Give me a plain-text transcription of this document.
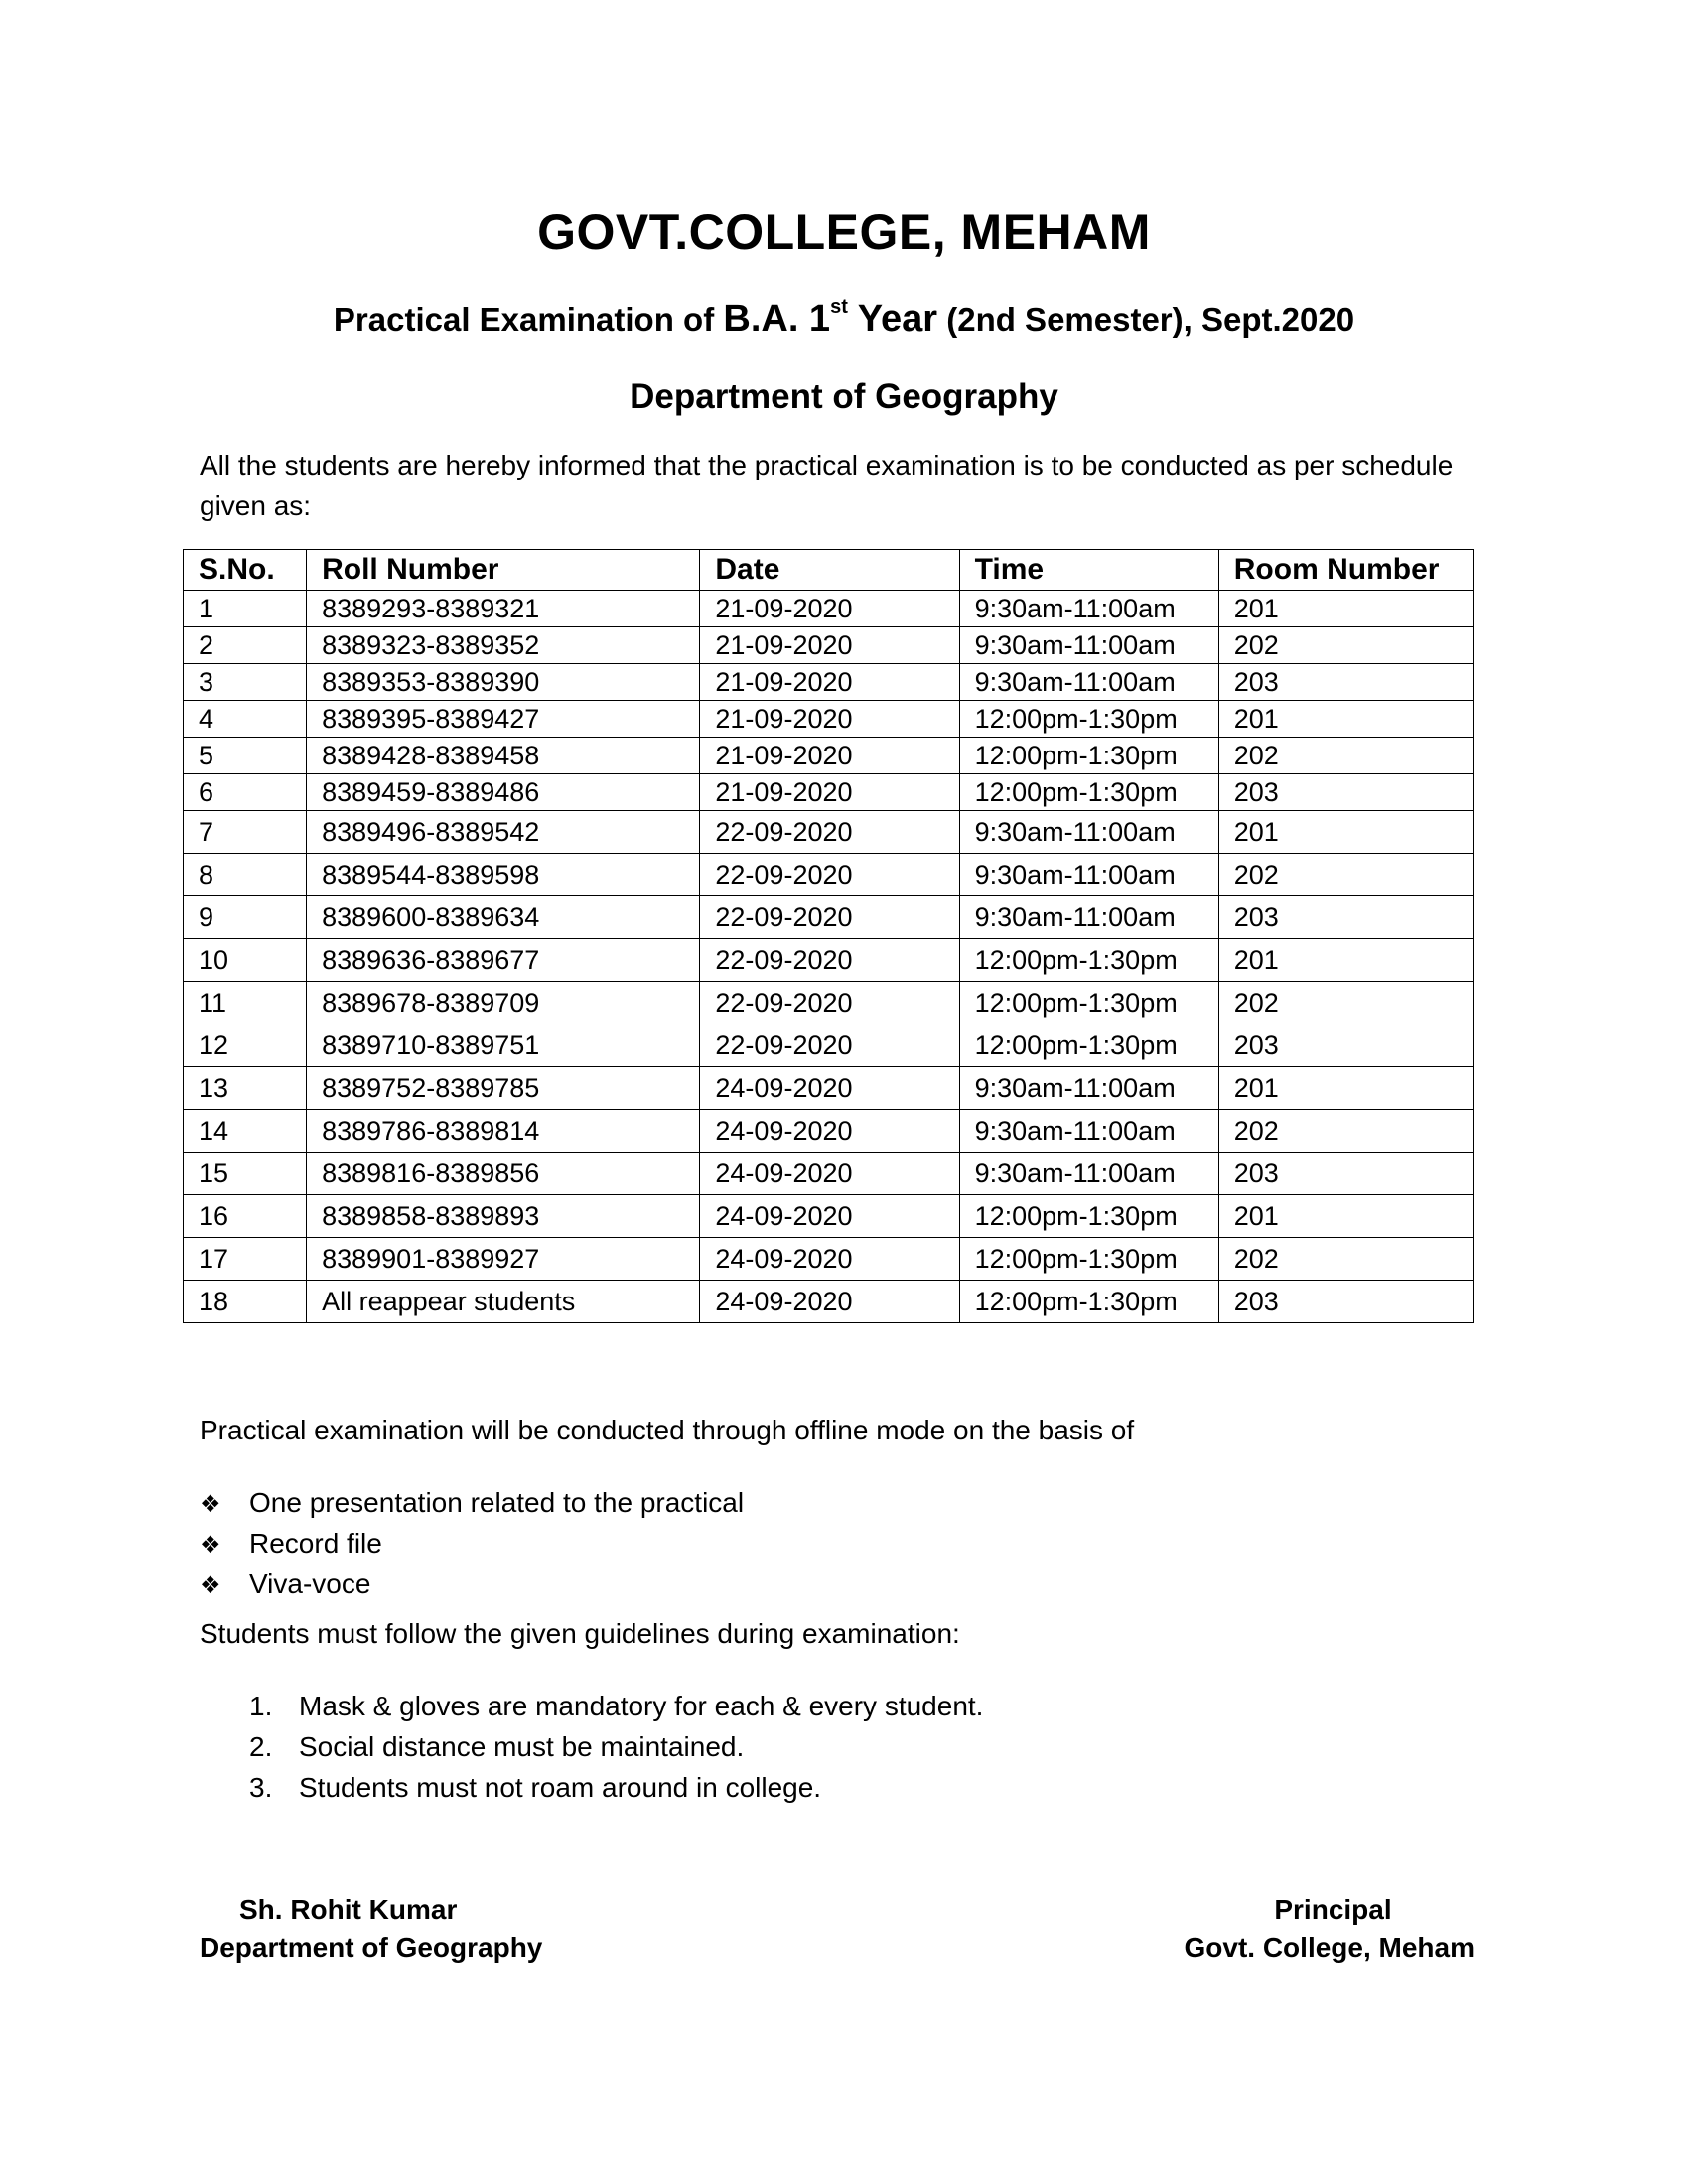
GOVT.COLLEGE, MEHAM
Practical Examination of B.A. 1st Year (2nd Semester), Sept.2020
Department of Geography
All the students are hereby informed that the practical examination is to be conducted as per schedule given as:
S.No.	Roll Number	Date	Time	Room Number
1	8389293-8389321	21-09-2020	9:30am-11:00am	201
2	8389323-8389352	21-09-2020	9:30am-11:00am	202
3	8389353-8389390	21-09-2020	9:30am-11:00am	203
4	8389395-8389427	21-09-2020	12:00pm-1:30pm	201
5	8389428-8389458	21-09-2020	12:00pm-1:30pm	202
6	8389459-8389486	21-09-2020	12:00pm-1:30pm	203
7	8389496-8389542	22-09-2020	9:30am-11:00am	201
8	8389544-8389598	22-09-2020	9:30am-11:00am	202
9	8389600-8389634	22-09-2020	9:30am-11:00am	203
10	8389636-8389677	22-09-2020	12:00pm-1:30pm	201
11	8389678-8389709	22-09-2020	12:00pm-1:30pm	202
12	8389710-8389751	22-09-2020	12:00pm-1:30pm	203
13	8389752-8389785	24-09-2020	9:30am-11:00am	201
14	8389786-8389814	24-09-2020	9:30am-11:00am	202
15	8389816-8389856	24-09-2020	9:30am-11:00am	203
16	8389858-8389893	24-09-2020	12:00pm-1:30pm	201
17	8389901-8389927	24-09-2020	12:00pm-1:30pm	202
18	All reappear students	24-09-2020	12:00pm-1:30pm	203
Practical examination will be conducted through offline mode on the basis of
❖ One presentation related to the practical
❖ Record file
❖ Viva-voce
Students must follow the given guidelines during examination:
1. Mask & gloves are mandatory for each & every student.
2. Social distance must be maintained.
3. Students must not roam around in college.
Sh. Rohit Kumar
Department of Geography
Principal
Govt. College, Meham
